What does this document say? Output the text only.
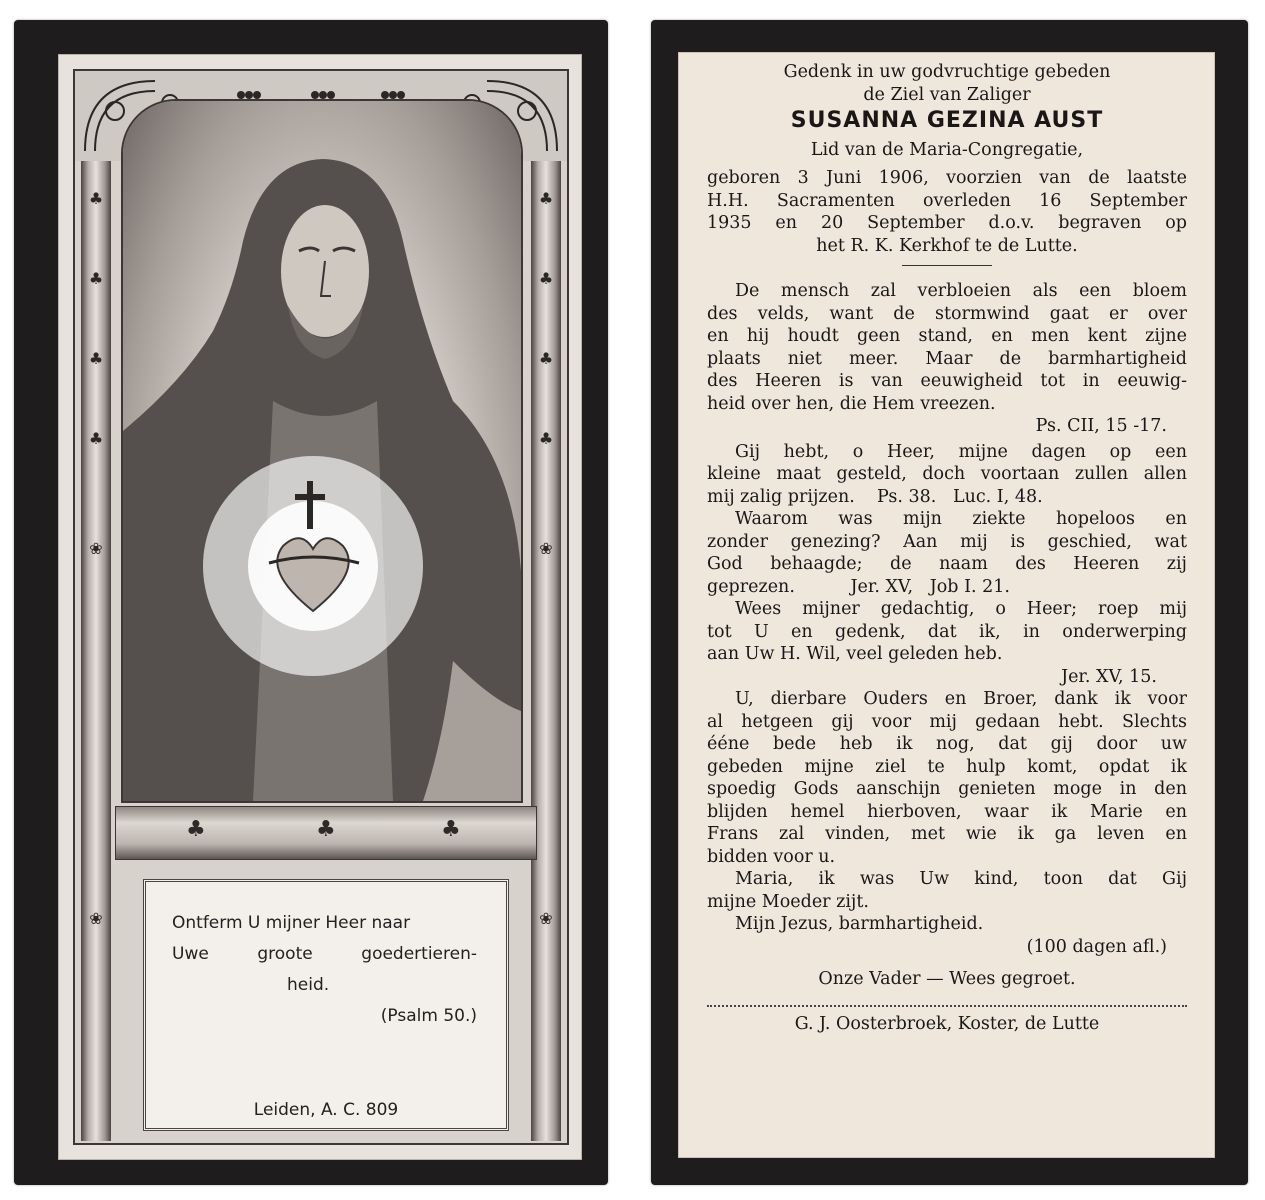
♣
♣
♣
♣
❀
❀
♣
♣
♣
♣
❀
❀
♣	♣	♣
Ontferm U mijner Heer naar
Uwe groote goedertieren-
heid.
(Psalm 50.)
Leiden, A. C. 809

Gedenk in uw godvruchtige gebeden

de Ziel van Zaliger

SUSANNA GEZINA AUST

Lid van de Maria-Congregatie,

geboren 3 Juni 1906, voorzien van de laatste

H.H. Sacramenten overleden 16 September

1935 en 20 September d.o.v. begraven op

het R. K. Kerkhof te de Lutte.

De mensch zal verbloeien als een bloem

des velds, want de stormwind gaat er over

en hij houdt geen stand, en men kent zijne

plaats niet meer. Maar de barmhartigheid

des Heeren is van eeuwigheid tot in eeuwig-

heid over hen, die Hem vreezen.

Ps. CII, 15 -17.

Gij hebt, o Heer, mijne dagen op een

kleine maat gesteld, doch voortaan zullen allen

mij zalig prijzen.    Ps. 38.   Luc. I, 48.

Waarom was mijn ziekte hopeloos en

zonder genezing? Aan mij is geschied, wat

God behaagde; de naam des Heeren zij

geprezen.          Jer. XV,   Job I. 21.

Wees mijner gedachtig, o Heer; roep mij

tot U en gedenk, dat ik, in onderwerping

aan Uw H. Wil, veel geleden heb.

Jer. XV, 15.

U, dierbare Ouders en Broer, dank ik voor

al hetgeen gij voor mij gedaan hebt. Slechts

ééne bede heb ik nog, dat gij door uw

gebeden mijne ziel te hulp komt, opdat ik

spoedig Gods aanschijn genieten moge in den

blijden hemel hierboven, waar ik Marie en

Frans zal vinden, met wie ik ga leven en

bidden voor u.

Maria, ik was Uw kind, toon dat Gij

mijne Moeder zijt.

Mijn Jezus, barmhartigheid.

(100 dagen afl.)

Onze Vader — Wees gegroet.

G. J. Oosterbroek, Koster, de Lutte
